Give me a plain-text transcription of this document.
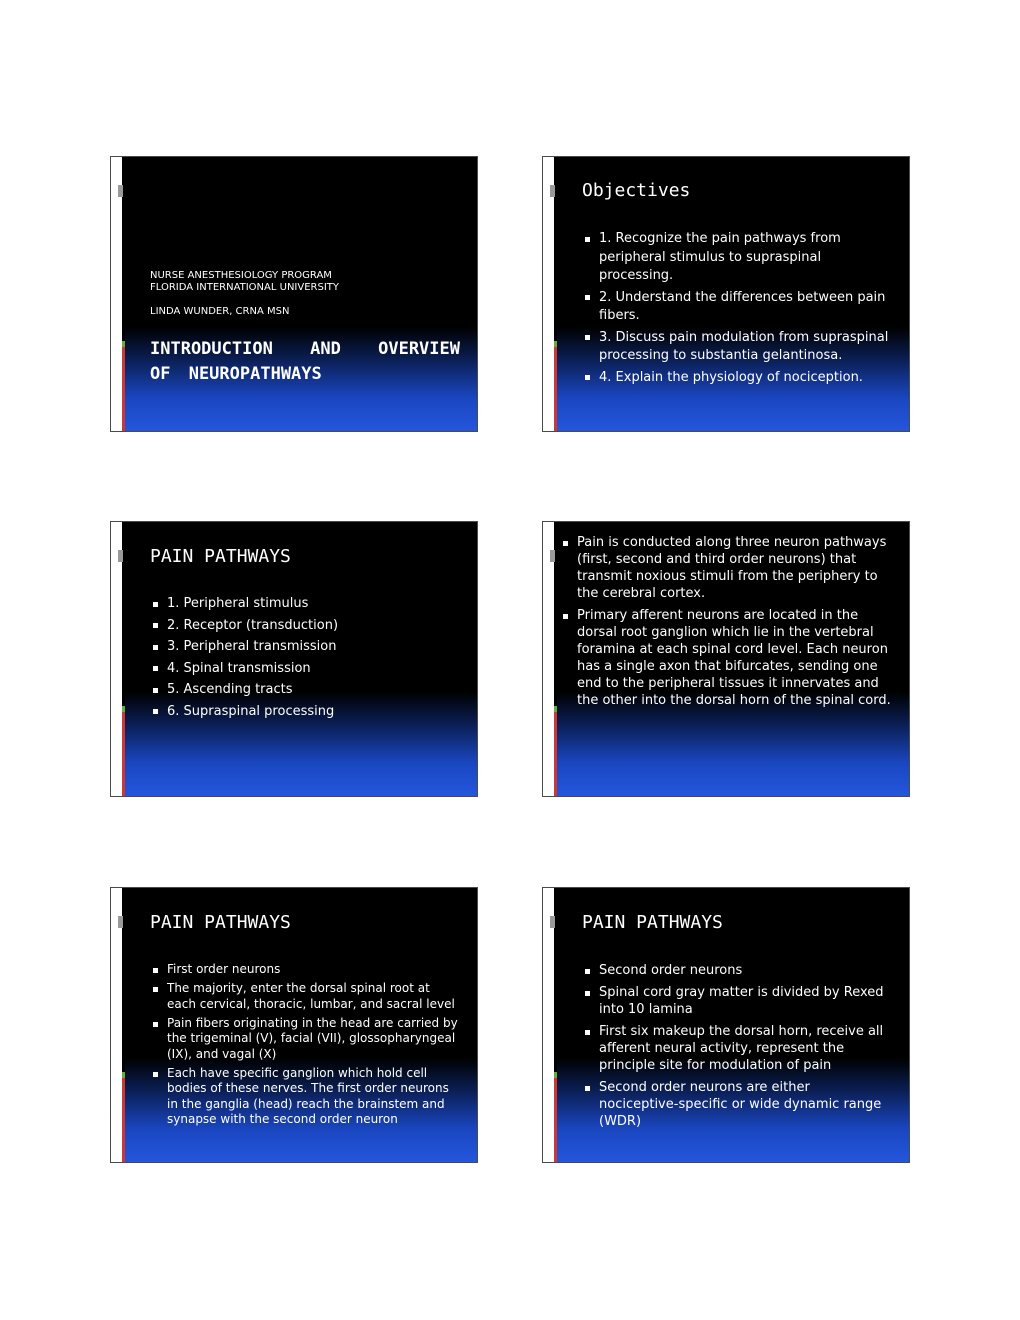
NURSE ANESTHESIOLOGY PROGRAM
FLORIDA INTERNATIONAL UNIVERSITY
LINDA WUNDER, CRNA MSN
INTRODUCTION AND OVERVIEW OF NEUROPATHWAYS
Objectives
1. Recognize the pain pathways from peripheral stimulus to supraspinal processing.
2. Understand the differences between pain fibers.
3. Discuss pain modulation from supraspinal processing to substantia gelantinosa.
4. Explain the physiology of nociception.
PAIN PATHWAYS
1. Peripheral stimulus
2. Receptor (transduction)
3. Peripheral transmission
4. Spinal transmission
5. Ascending tracts
6. Supraspinal processing
Pain is conducted along three neuron pathways (first, second and third order neurons) that transmit noxious stimuli from the periphery to the cerebral cortex.
Primary afferent neurons are located in the dorsal root ganglion which lie in the vertebral foramina at each spinal cord level. Each neuron has a single axon that bifurcates, sending one end to the peripheral tissues it innervates and the other into the dorsal horn of the spinal cord.
PAIN PATHWAYS
First order neurons
The majority, enter the dorsal spinal root at each cervical, thoracic, lumbar, and sacral level
Pain fibers originating in the head are carried by the trigeminal (V), facial (VII), glossopharyngeal (IX), and vagal (X)
Each have specific ganglion which hold cell bodies of these nerves. The first order neurons in the ganglia (head) reach the brainstem and synapse with the second order neuron
PAIN PATHWAYS
Second order neurons
Spinal cord gray matter is divided by Rexed into 10 lamina
First six makeup the dorsal horn, receive all afferent neural activity, represent the principle site for modulation of pain
Second order neurons are either nociceptive-specific or wide dynamic range (WDR)
